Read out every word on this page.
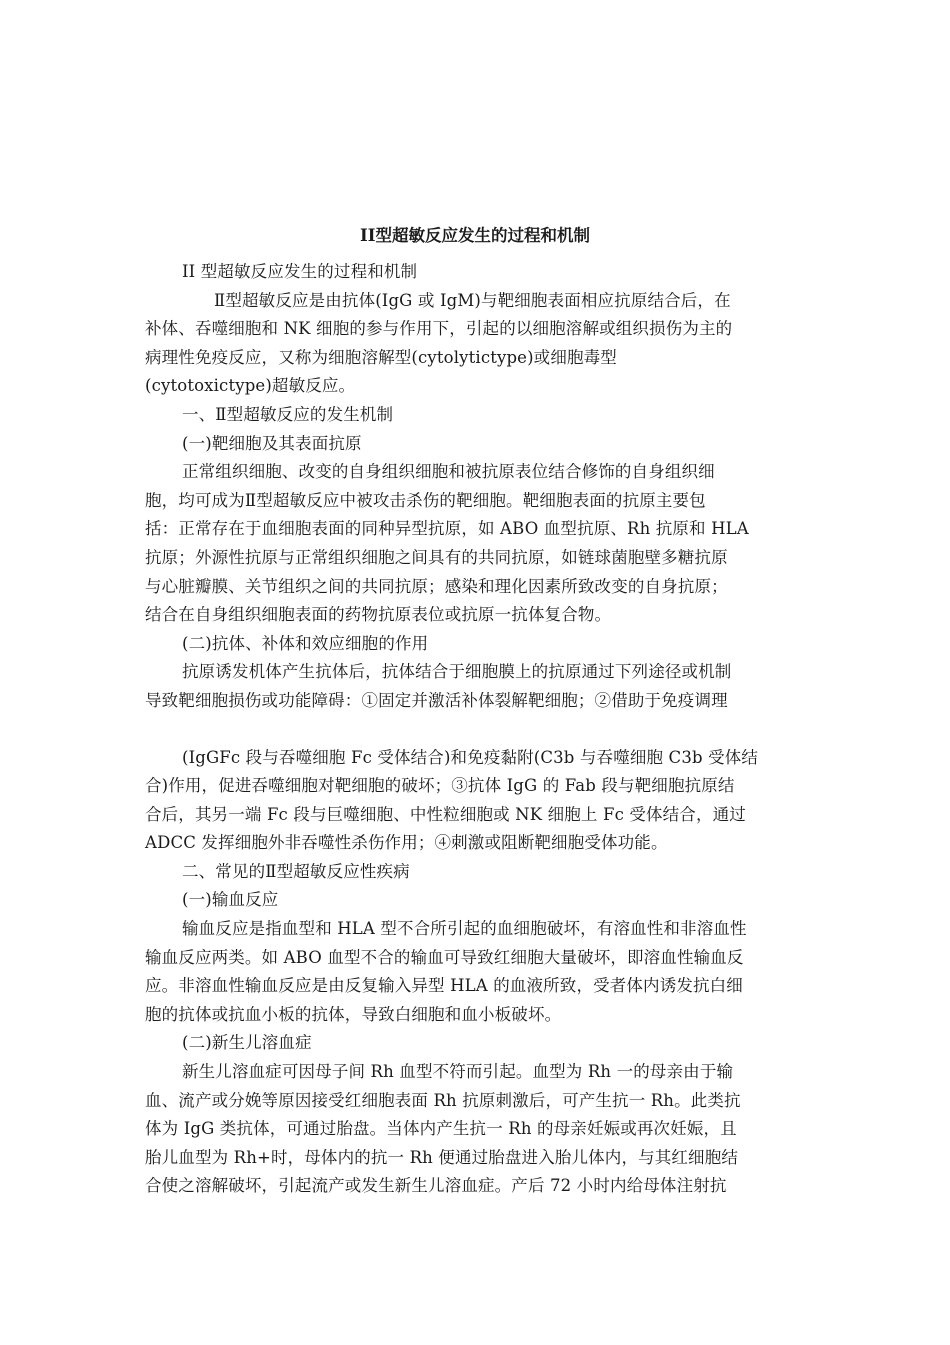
II型超敏反应发生的过程和机制
II 型超敏反应发生的过程和机制
Ⅱ型超敏反应是由抗体(IgG 或 IgM)与靶细胞表面相应抗原结合后，在
补体、吞噬细胞和 NK 细胞的参与作用下，引起的以细胞溶解或组织损伤为主的
病理性免疫反应，又称为细胞溶解型(cytolytictype)或细胞毒型
(cytotoxictype)超敏反应。
一、Ⅱ型超敏反应的发生机制
(一)靶细胞及其表面抗原
正常组织细胞、改变的自身组织细胞和被抗原表位结合修饰的自身组织细
胞，均可成为Ⅱ型超敏反应中被攻击杀伤的靶细胞。靶细胞表面的抗原主要包
括：正常存在于血细胞表面的同种异型抗原，如 ABO 血型抗原、Rh 抗原和 HLA
抗原；外源性抗原与正常组织细胞之间具有的共同抗原，如链球菌胞壁多糖抗原
与心脏瓣膜、关节组织之间的共同抗原；感染和理化因素所致改变的自身抗原；
结合在自身组织细胞表面的药物抗原表位或抗原一抗体复合物。
(二)抗体、补体和效应细胞的作用
抗原诱发机体产生抗体后，抗体结合于细胞膜上的抗原通过下列途径或机制
导致靶细胞损伤或功能障碍：①固定并激活补体裂解靶细胞；②借助于免疫调理
(IgGFc 段与吞噬细胞 Fc 受体结合)和免疫黏附(C3b 与吞噬细胞 C3b 受体结
合)作用，促进吞噬细胞对靶细胞的破坏；③抗体 IgG 的 Fab 段与靶细胞抗原结
合后，其另一端 Fc 段与巨噬细胞、中性粒细胞或 NK 细胞上 Fc 受体结合，通过
ADCC 发挥细胞外非吞噬性杀伤作用；④刺激或阻断靶细胞受体功能。
二、常见的Ⅱ型超敏反应性疾病
(一)输血反应
输血反应是指血型和 HLA 型不合所引起的血细胞破坏，有溶血性和非溶血性
输血反应两类。如 ABO 血型不合的输血可导致红细胞大量破坏，即溶血性输血反
应。非溶血性输血反应是由反复输入异型 HLA 的血液所致，受者体内诱发抗白细
胞的抗体或抗血小板的抗体，导致白细胞和血小板破坏。
(二)新生儿溶血症
新生儿溶血症可因母子间 Rh 血型不符而引起。血型为 Rh 一的母亲由于输
血、流产或分娩等原因接受红细胞表面 Rh 抗原刺激后，可产生抗一 Rh。此类抗
体为 IgG 类抗体，可通过胎盘。当体内产生抗一 Rh 的母亲妊娠或再次妊娠，且
胎儿血型为 Rh+时，母体内的抗一 Rh 便通过胎盘进入胎儿体内，与其红细胞结
合使之溶解破坏，引起流产或发生新生儿溶血症。产后 72 小时内给母体注射抗
